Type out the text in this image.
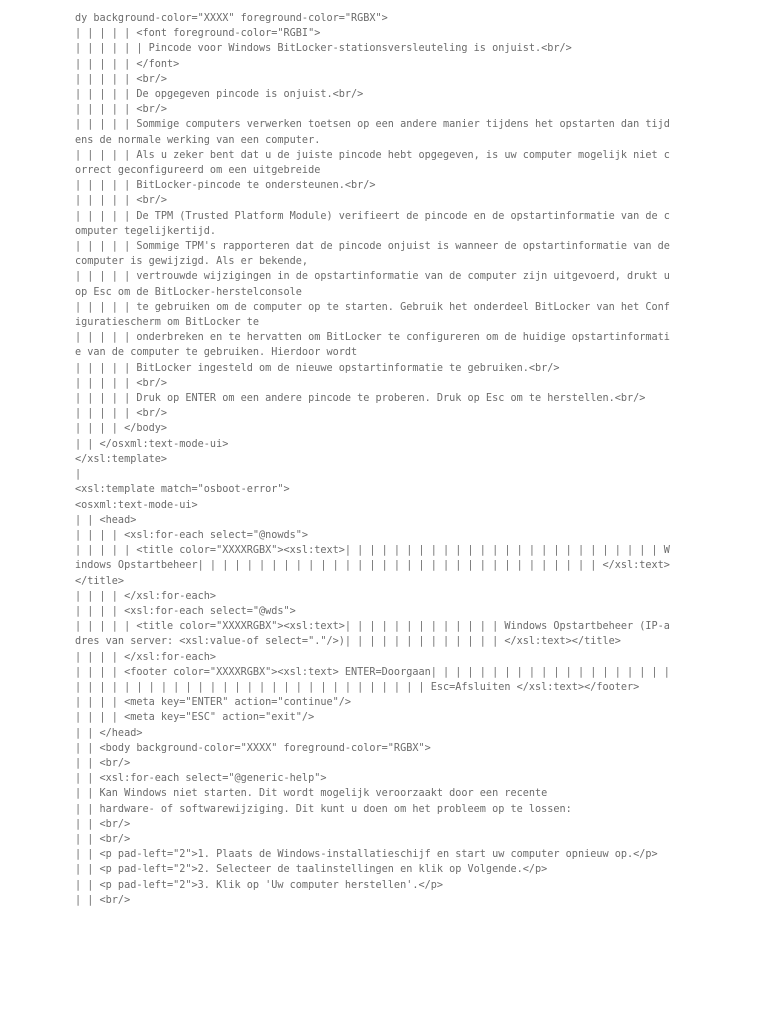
dy background-color="XXXX" foreground-color="RGBX">
| | | | | <font foreground-color="RGBI">
| | | | | | Pincode voor Windows BitLocker-stationsversleuteling is onjuist.<br/>
| | | | | </font>
| | | | | <br/>
| | | | | De opgegeven pincode is onjuist.<br/>
| | | | | <br/>
| | | | | Sommige computers verwerken toetsen op een andere manier tijdens het opstarten dan tijdens de normale werking van een computer.
| | | | | Als u zeker bent dat u de juiste pincode hebt opgegeven, is uw computer mogelijk niet correct geconfigureerd om een uitgebreide
| | | | | BitLocker-pincode te ondersteunen.<br/>
| | | | | <br/>
| | | | | De TPM (Trusted Platform Module) verifieert de pincode en de opstartinformatie van de computer tegelijkertijd.
| | | | | Sommige TPM's rapporteren dat de pincode onjuist is wanneer de opstartinformatie van de computer is gewijzigd. Als er bekende,
| | | | | vertrouwde wijzigingen in de opstartinformatie van de computer zijn uitgevoerd, drukt u op Esc om de BitLocker-herstelconsole
| | | | | te gebruiken om de computer op te starten. Gebruik het onderdeel BitLocker van het Configuratiescherm om BitLocker te
| | | | | onderbreken en te hervatten om BitLocker te configureren om de huidige opstartinformatie van de computer te gebruiken. Hierdoor wordt
| | | | | BitLocker ingesteld om de nieuwe opstartinformatie te gebruiken.<br/>
| | | | | <br/>
| | | | | Druk op ENTER om een andere pincode te proberen. Druk op Esc om te herstellen.<br/>
| | | | | <br/>
| | | | </body>
| | </osxml:text-mode-ui>
</xsl:template>
|
<xsl:template match="osboot-error">
<osxml:text-mode-ui>
| | <head>
| | | | <xsl:for-each select="@nowds">
| | | | | <title color="XXXXRGBX"><xsl:text>| | | | | | | | | | | | | | | | | | | | | | | | | | Windows Opstartbeheer| | | | | | | | | | | | | | | | | | | | | | | | | | | | | | | | | </xsl:text></title>
| | | | </xsl:for-each>
| | | | <xsl:for-each select="@wds">
| | | | | <title color="XXXXRGBX"><xsl:text>| | | | | | | | | | | | | Windows Opstartbeheer (IP-adres van server: <xsl:value-of select="."/>)| | | | | | | | | | | | | </xsl:text></title>
| | | | </xsl:for-each>
| | | | <footer color="XXXXRGBX"><xsl:text> ENTER=Doorgaan| | | | | | | | | | | | | | | | | | | | | | | | | | | | | | | | | | | | | | | | | | | | | | | | | Esc=Afsluiten </xsl:text></footer>
| | | | <meta key="ENTER" action="continue"/>
| | | | <meta key="ESC" action="exit"/>
| | </head>
| | <body background-color="XXXX" foreground-color="RGBX">
| | <br/>
| | <xsl:for-each select="@generic-help">
| | Kan Windows niet starten. Dit wordt mogelijk veroorzaakt door een recente
| | hardware- of softwarewijziging. Dit kunt u doen om het probleem op te lossen:
| | <br/>
| | <br/>
| | <p pad-left="2">1. Plaats de Windows-installatieschijf en start uw computer opnieuw op.</p>
| | <p pad-left="2">2. Selecteer de taalinstellingen en klik op Volgende.</p>
| | <p pad-left="2">3. Klik op 'Uw computer herstellen'.</p>
| | <br/>
